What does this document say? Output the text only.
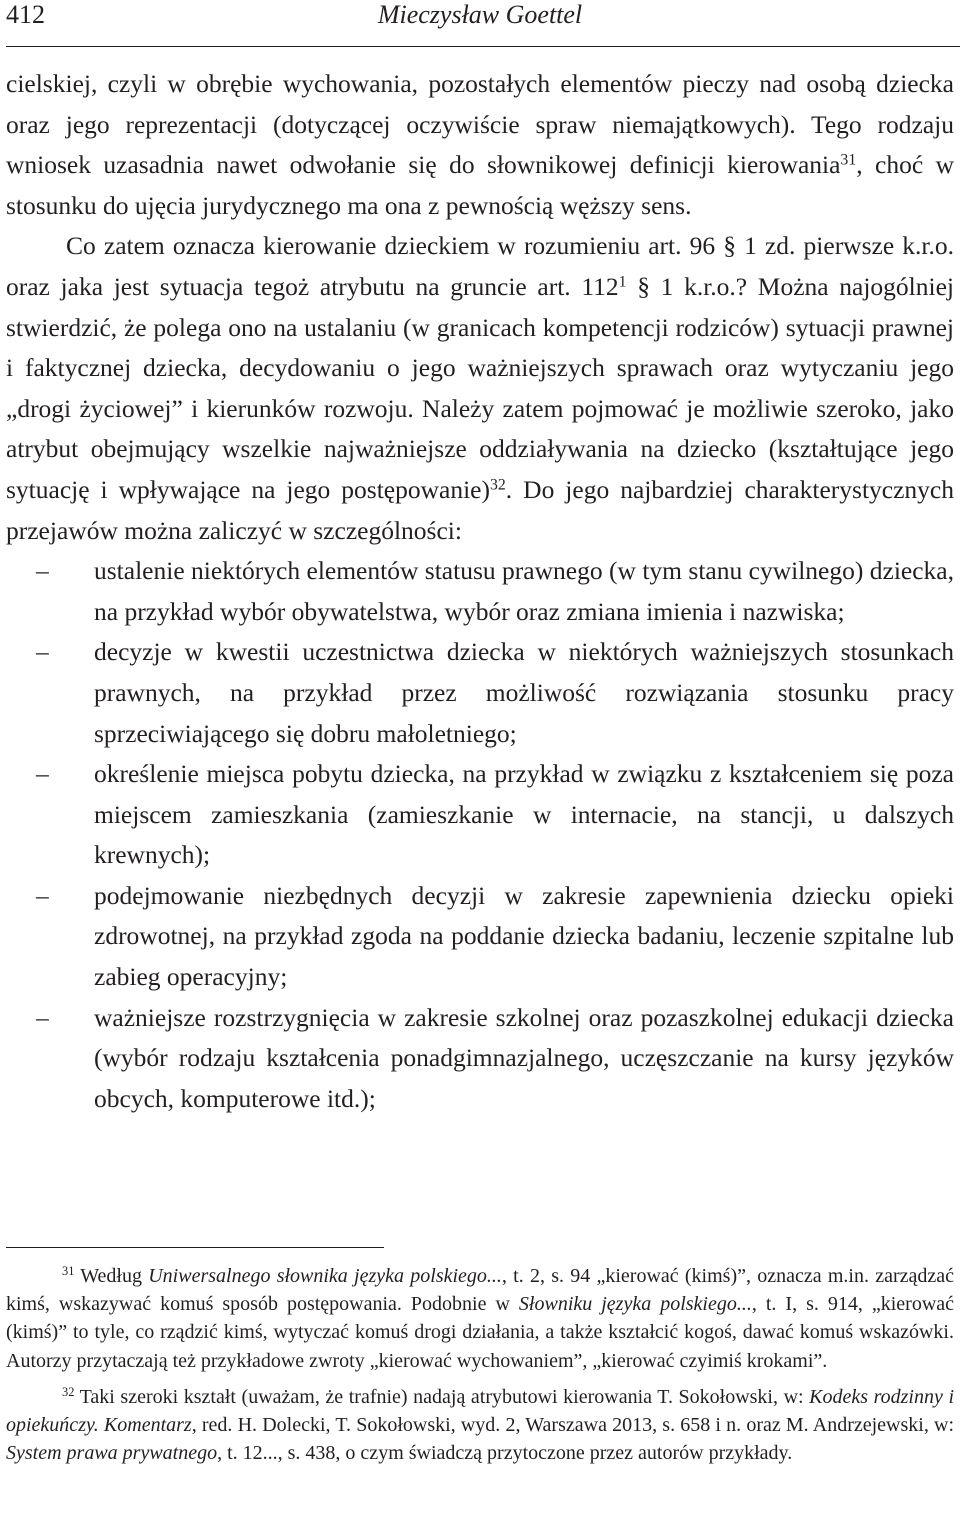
412	Mieczysław Goettel

cielskiej, czyli w obrębie wychowania, pozostałych elementów pieczy nad osobą dziecka oraz jego reprezentacji (dotyczącej oczywiście spraw niemajątkowych). Tego rodzaju wniosek uzasadnia nawet odwołanie się do słownikowej definicji kierowania$^{31}$, choć w stosunku do ujęcia jurydycznego ma ona z pewnością węższy sens.

Co zatem oznacza kierowanie dzieckiem w rozumieniu art. 96 § 1 zd. pierwsze k.r.o. oraz jaka jest sytuacja tegoż atrybutu na gruncie art. $112^1$ § 1 k.r.o.? Można najogólniej stwierdzić, że polega ono na ustalaniu (w granicach kompetencji rodziców) sytuacji prawnej i faktycznej dziecka, decydowaniu o jego ważniejszych sprawach oraz wytyczaniu jego „drogi życiowej” i kierunków rozwoju. Należy zatem pojmować je możliwie szeroko, jako atrybut obejmujący wszelkie najważniejsze oddziaływania na dziecko (kształtujące jego sytuację i wpływające na jego postępowanie)$^{32}$. Do jego najbardziej charakterystycznych przejawów można zaliczyć w szczególności:

– ustalenie niektórych elementów statusu prawnego (w tym stanu cywilnego) dziecka, na przykład wybór obywatelstwa, wybór oraz zmiana imienia i nazwiska;
– decyzje w kwestii uczestnictwa dziecka w niektórych ważniejszych stosunkach prawnych, na przykład przez możliwość rozwiązania stosunku pracy sprzeciwiającego się dobru małoletniego;
– określenie miejsca pobytu dziecka, na przykład w związku z kształceniem się poza miejscem zamieszkania (zamieszkanie w internacie, na stancji, u dalszych krewnych);
– podejmowanie niezbędnych decyzji w zakresie zapewnienia dziecku opieki zdrowotnej, na przykład zgoda na poddanie dziecka badaniu, leczenie szpitalne lub zabieg operacyjny;
– ważniejsze rozstrzygnięcia w zakresie szkolnej oraz pozaszkolnej edukacji dziecka (wybór rodzaju kształcenia ponadgimnazjalnego, uczęszczanie na kursy języków obcych, komputerowe itd.);

$^{31}$ Według Uniwersalnego słownika języka polskiego..., t. 2, s. 94 „kierować (kimś)”, oznacza m.in. zarządzać kimś, wskazywać komuś sposób postępowania. Podobnie w Słowniku języka polskiego..., t. I, s. 914, „kierować (kimś)” to tyle, co rządzić kimś, wytyczać komuś drogi działania, a także kształcić kogoś, dawać komuś wskazówki. Autorzy przytaczają też przykładowe zwroty „kierować wychowaniem”, „kierować czyimiś krokami”.

$^{32}$ Taki szeroki kształt (uważam, że trafnie) nadają atrybutowi kierowania T. Sokołowski, w: Kodeks rodzinny i opiekuńczy. Komentarz, red. H. Dolecki, T. Sokołowski, wyd. 2, Warszawa 2013, s. 658 i n. oraz M. Andrzejewski, w: System prawa prywatnego, t. 12..., s. 438, o czym świadczą przytoczone przez autorów przykłady.
